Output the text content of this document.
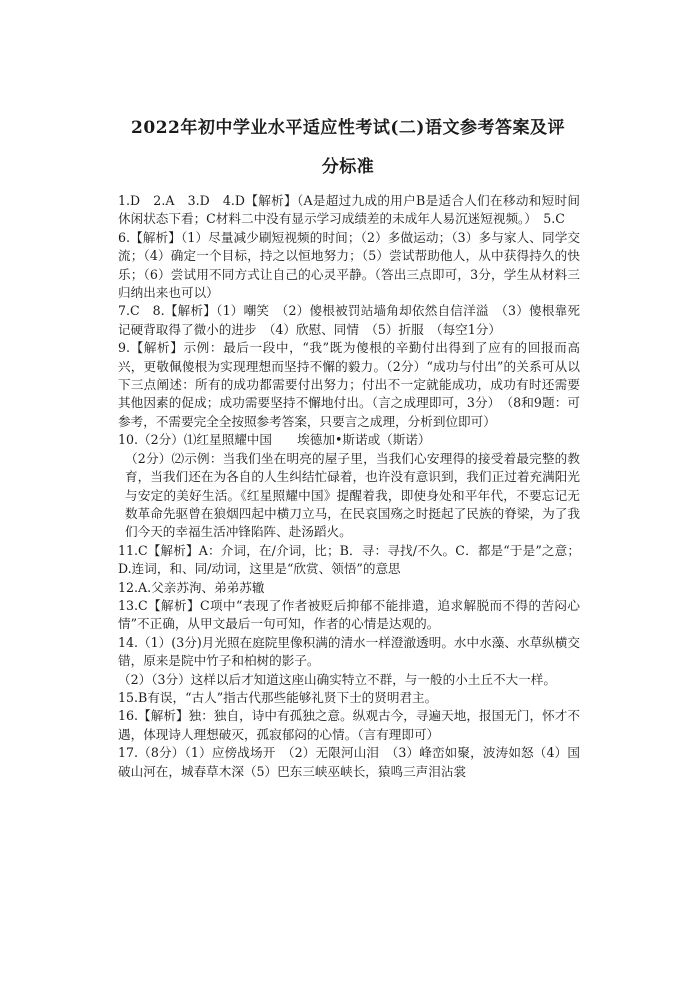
2022年初中学业水平适应性考试(二)语文参考答案及评
分标准

1.D　2.A　3.D　4.D【解析】（A是超过九成的用户B是适合人们在移动和短时间休闲状态下看；C材料二中没有显示学习成绩差的未成年人易沉迷短视频。）　5.C

6.【解析】（1）尽量减少刷短视频的时间；（2）多做运动；（3）多与家人、同学交流；（4）确定一个目标，持之以恒地努力；（5）尝试帮助他人，从中获得持久的快乐；（6）尝试用不同方式让自己的心灵平静。（答出三点即可，3分，学生从材料三归纳出来也可以）

7.C　8.【解析】（1）嘲笑　（2）傻根被罚站墙角却依然自信洋溢　（3）傻根靠死记硬背取得了微小的进步　（4）欣慰、同情　（5）折服　（每空1分）

9.【解析】示例：最后一段中，“我”既为傻根的辛勤付出得到了应有的回报而高兴，更敬佩傻根为实现理想而坚持不懈的毅力。（2分）“成功与付出”的关系可从以下三点阐述：所有的成功都需要付出努力；付出不一定就能成功，成功有时还需要其他因素的促成；成功需要坚持不懈地付出。（言之成理即可，3分）　（8和9题：可参考，不需要完全全按照参考答案，只要言之成理，分析到位即可）

10.（2分）⑴红星照耀中国　　埃德加•斯诺或（斯诺）

（2分）⑵示例：当我们坐在明亮的屋子里，当我们心安理得的接受着最完整的教育，当我们还在为各自的人生纠结忙碌着，也许没有意识到，我们正过着充满阳光与安定的美好生活。《红星照耀中国》提醒着我，即使身处和平年代，不要忘记无数革命先驱曾在狼烟四起中横刀立马，在民哀国殇之时挺起了民族的脊梁，为了我们今天的幸福生活冲锋陷阵、赴汤蹈火。

11.C【解析】A：介词，在/介词，比；B．寻：寻找/不久。C．都是“于是”之意；D.连词，和、同/动词，这里是“欣赏、领悟”的意思

12.A.父亲苏洵、弟弟苏辙

13.C【解析】C项中“表现了作者被贬后抑郁不能排遣，追求解脱而不得的苦闷心情”不正确，从甲文最后一句可知，作者的心情是达观的。

14.（1）(3分)月光照在庭院里像积满的清水一样澄澈透明。水中水藻、水草纵横交错，原来是院中竹子和柏树的影子。

（2）（3分）这样以后才知道这座山确实特立不群，与一般的小土丘不大一样。

15.B有误，“古人”指古代那些能够礼贤下士的贤明君主。

16.【解析】独：独自，诗中有孤独之意。纵观古今，寻遍天地，报国无门，怀才不遇，体现诗人理想破灭，孤寂郁闷的心情。（言有理即可）

17.（8分）（1）应傍战场开　（2）无限河山泪　（3）峰峦如聚，波涛如怒（4）国破山河在，城春草木深（5）巴东三峡巫峡长，猿鸣三声泪沾裳
